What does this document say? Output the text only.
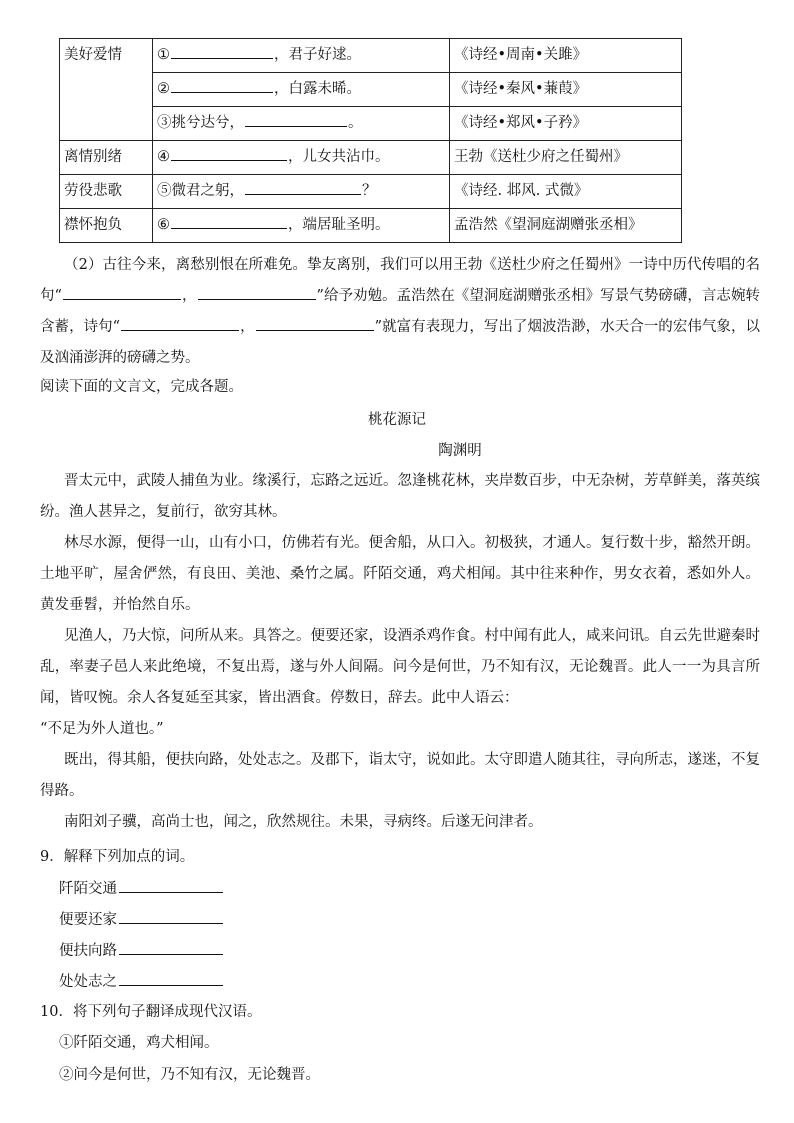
美好爱情	① ，君子好逑。	《诗经•周南•关雎》
	② ，白露未晞。	《诗经•秦风•蒹葭》
	③挑兮达兮， 。	《诗经•郑风•子矜》
离情别绪	④ ，儿女共沾巾。	王勃《送杜少府之任蜀州》
劳役悲歌	⑤微君之躬， ？	《诗经. 邶风. 式微》
襟怀抱负	⑥ ，端居耻圣明。	孟浩然《望洞庭湖赠张丞相》
（2）古往今来，离愁别恨在所难免。挚友离别，我们可以用王勃《送杜少府之任蜀州》一诗中历代传唱的名句“	，	”给予劝勉。孟浩然在《望洞庭湖赠张丞相》写景气势磅礴，言志婉转含蓄，诗句“	，	”就富有表现力，写出了烟波浩渺，水天合一的宏伟气象，以及汹涌澎湃的磅礴之势。
阅读下面的文言文，完成各题。
桃花源记
陶渊明
晋太元中，武陵人捕鱼为业。缘溪行，忘路之远近。忽逢桃花林，夹岸数百步，中无杂树，芳草鲜美，落英缤纷。渔人甚异之，复前行，欲穷其林。
林尽水源，便得一山，山有小口，仿佛若有光。便舍船，从口入。初极狭，才通人。复行数十步，豁然开朗。土地平旷，屋舍俨然，有良田、美池、桑竹之属。阡陌交通，鸡犬相闻。其中往来种作，男女衣着，悉如外人。黄发垂髫，并怡然自乐。
见渔人，乃大惊，问所从来。具答之。便要还家，设酒杀鸡作食。村中闻有此人，咸来问讯。自云先世避秦时乱，率妻子邑人来此绝境，不复出焉，遂与外人间隔。问今是何世，乃不知有汉，无论魏晋。此人一一为具言所闻，皆叹惋。余人各复延至其家，皆出酒食。停数日，辞去。此中人语云：
“不足为外人道也。”
既出，得其船，便扶向路，处处志之。及郡下，诣太守，说如此。太守即遣人随其往，寻向所志，遂迷，不复得路。
南阳刘子骥，高尚士也，闻之，欣然规往。未果，寻病终。后遂无问津者。
9．解释下列加点的词。
阡陌交通
便要还家
便扶向路
处处志之
10．将下列句子翻译成现代汉语。
①阡陌交通，鸡犬相闻。
②问今是何世，乃不知有汉，无论魏晋。
